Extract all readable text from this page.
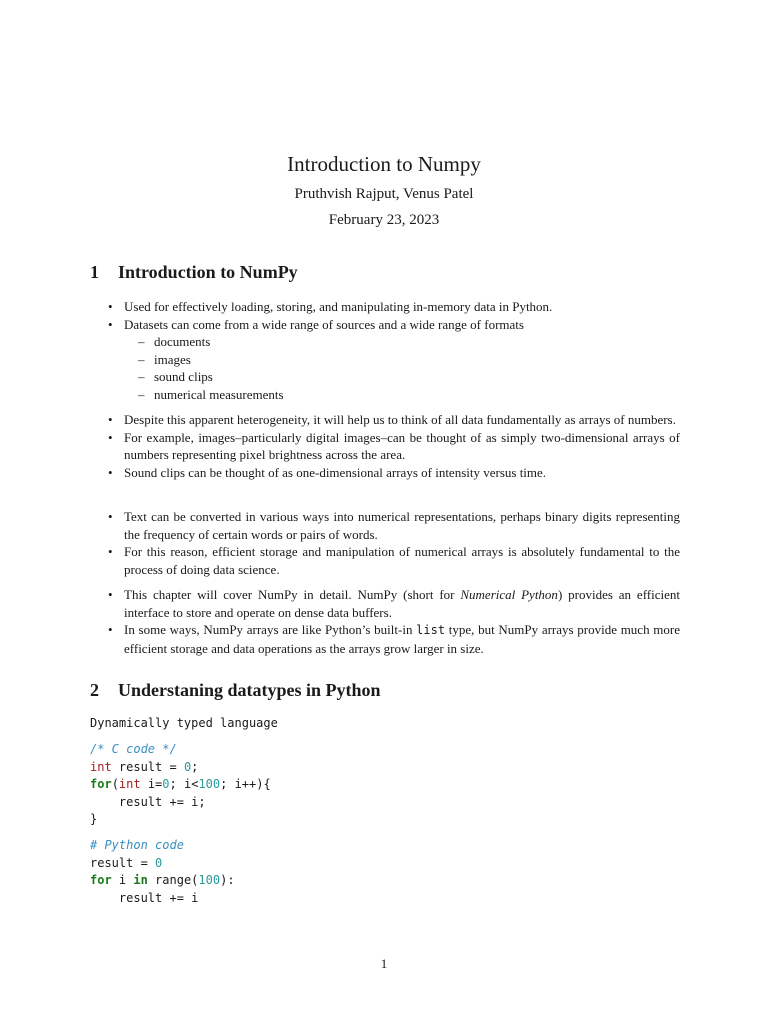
Introduction to Numpy
Pruthvish Rajput, Venus Patel
February 23, 2023
1 Introduction to NumPy
• Used for effectively loading, storing, and manipulating in-memory data in Python.
• Datasets can come from a wide range of sources and a wide range of formats
– documents
– images
– sound clips
– numerical measurements
• Despite this apparent heterogeneity, it will help us to think of all data fundamentally as arrays of numbers.
• For example, images–particularly digital images–can be thought of as simply two-dimensional arrays of numbers representing pixel brightness across the area.
• Sound clips can be thought of as one-dimensional arrays of intensity versus time.
• Text can be converted in various ways into numerical representations, perhaps binary digits representing the frequency of certain words or pairs of words.
• For this reason, efficient storage and manipulation of numerical arrays is absolutely fundamental to the process of doing data science.
• This chapter will cover NumPy in detail. NumPy (short for Numerical Python) provides an efficient interface to store and operate on dense data buffers.
• In some ways, NumPy arrays are like Python’s built-in list type, but NumPy arrays provide much more efficient storage and data operations as the arrays grow larger in size.
2 Understaning datatypes in Python
Dynamically typed language
/* C code */
int result = 0;
for(int i=0; i<100; i++){
result += i;
}
# Python code
result = 0
for i in range(100):
result += i
1
